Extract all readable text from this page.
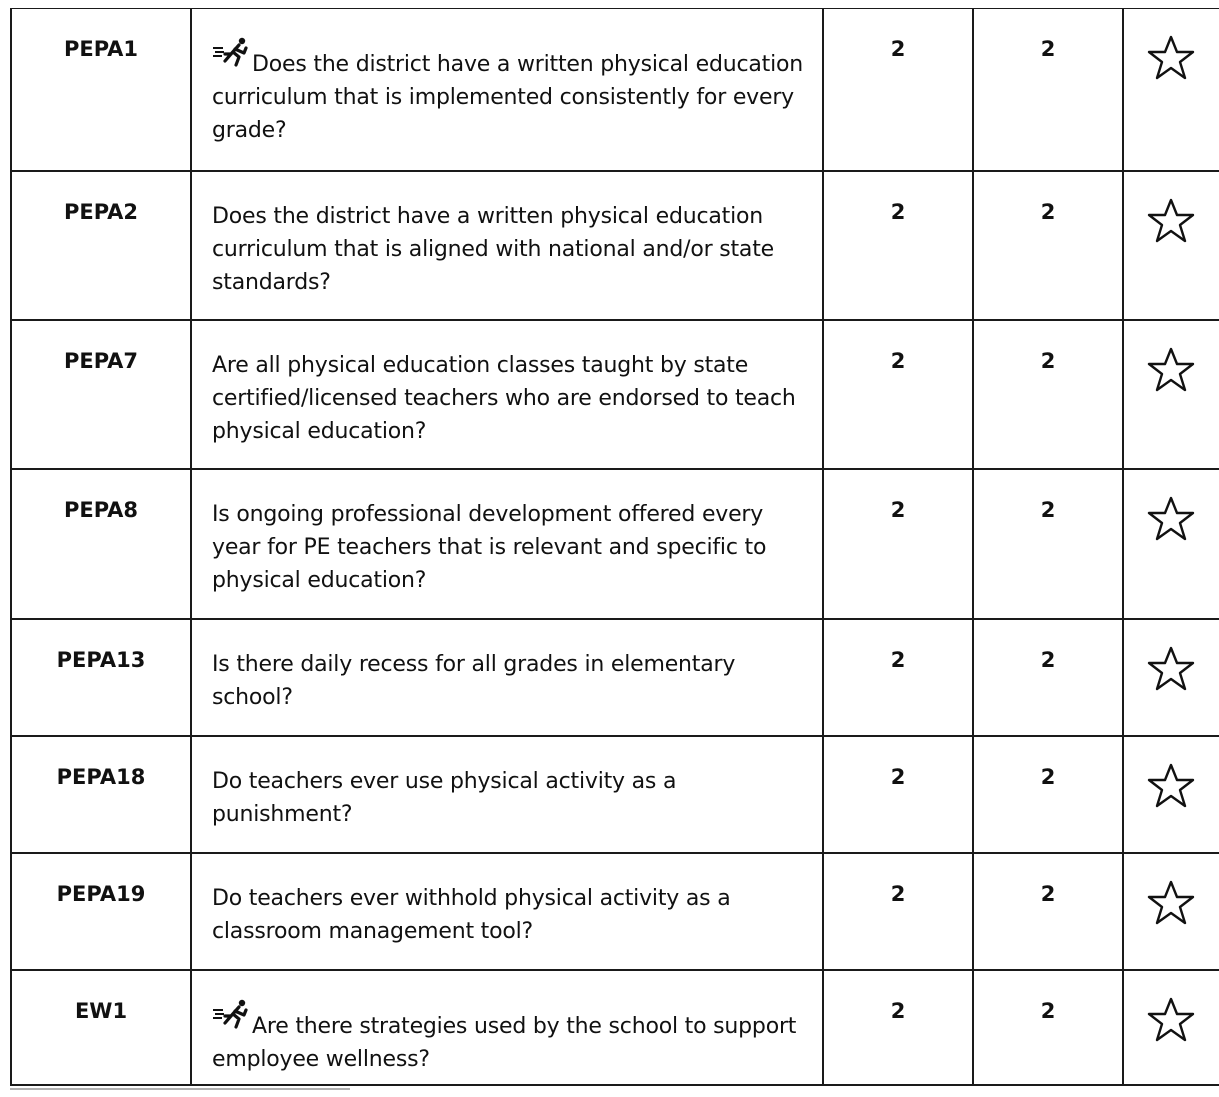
PEPA1	Does the district have a written physical education curriculum that is implemented consistently for every grade?	2	2	
PEPA2	Does the district have a written physical education curriculum that is aligned with national and/or state standards?	2	2	
PEPA7	Are all physical education classes taught by state certified/licensed teachers who are endorsed to teach physical education?	2	2	
PEPA8	Is ongoing professional development offered every year for PE teachers that is relevant and specific to physical education?	2	2	
PEPA13	Is there daily recess for all grades in elementary school?	2	2	
PEPA18	Do teachers ever use physical activity as a punishment?	2	2	
PEPA19	Do teachers ever withhold physical activity as a classroom management tool?	2	2	
EW1	Are there strategies used by the school to support employee wellness?	2	2	
